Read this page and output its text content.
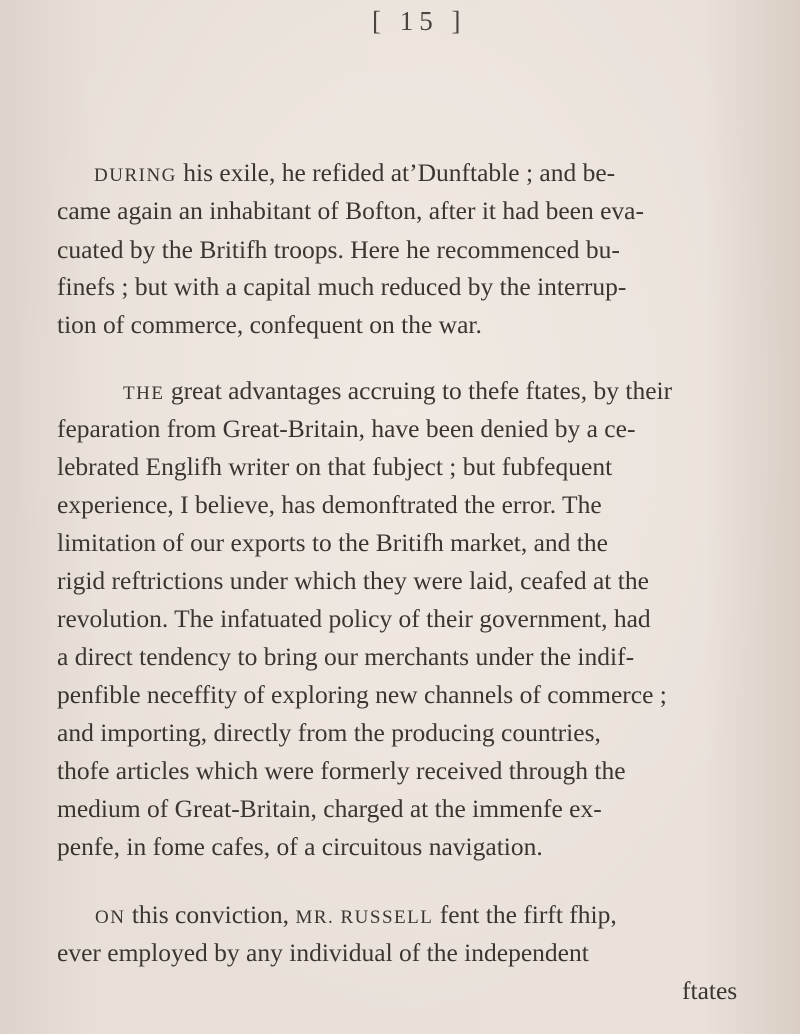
[ 15 ]
DURING his exile, he refided at’Dunftable ; and be-
came again an inhabitant of Bofton, after it had been eva-
cuated by the Britifh troops. Here he recommenced bu-
finefs ; but with a capital much reduced by the interrup-
tion of commerce, confequent on the war.
THE great advantages accruing to thefe ftates, by their
feparation from Great-Britain, have been denied by a ce-
lebrated Englifh writer on that fubject ; but fubfequent
experience, I believe, has demonftrated the error. The
limitation of our exports to the Britifh market, and the
rigid reftrictions under which they were laid, ceafed at the
revolution. The infatuated policy of their government, had
a direct tendency to bring our merchants under the indif-
penfible neceffity of exploring new channels of commerce ;
and importing, directly from the producing countries,
thofe articles which were formerly received through the
medium of Great-Britain, charged at the immenfe ex-
penfe, in fome cafes, of a circuitous navigation.
ON this conviction, MR. RUSSELL fent the firft fhip,
ever employed by any individual of the independent
ftates
